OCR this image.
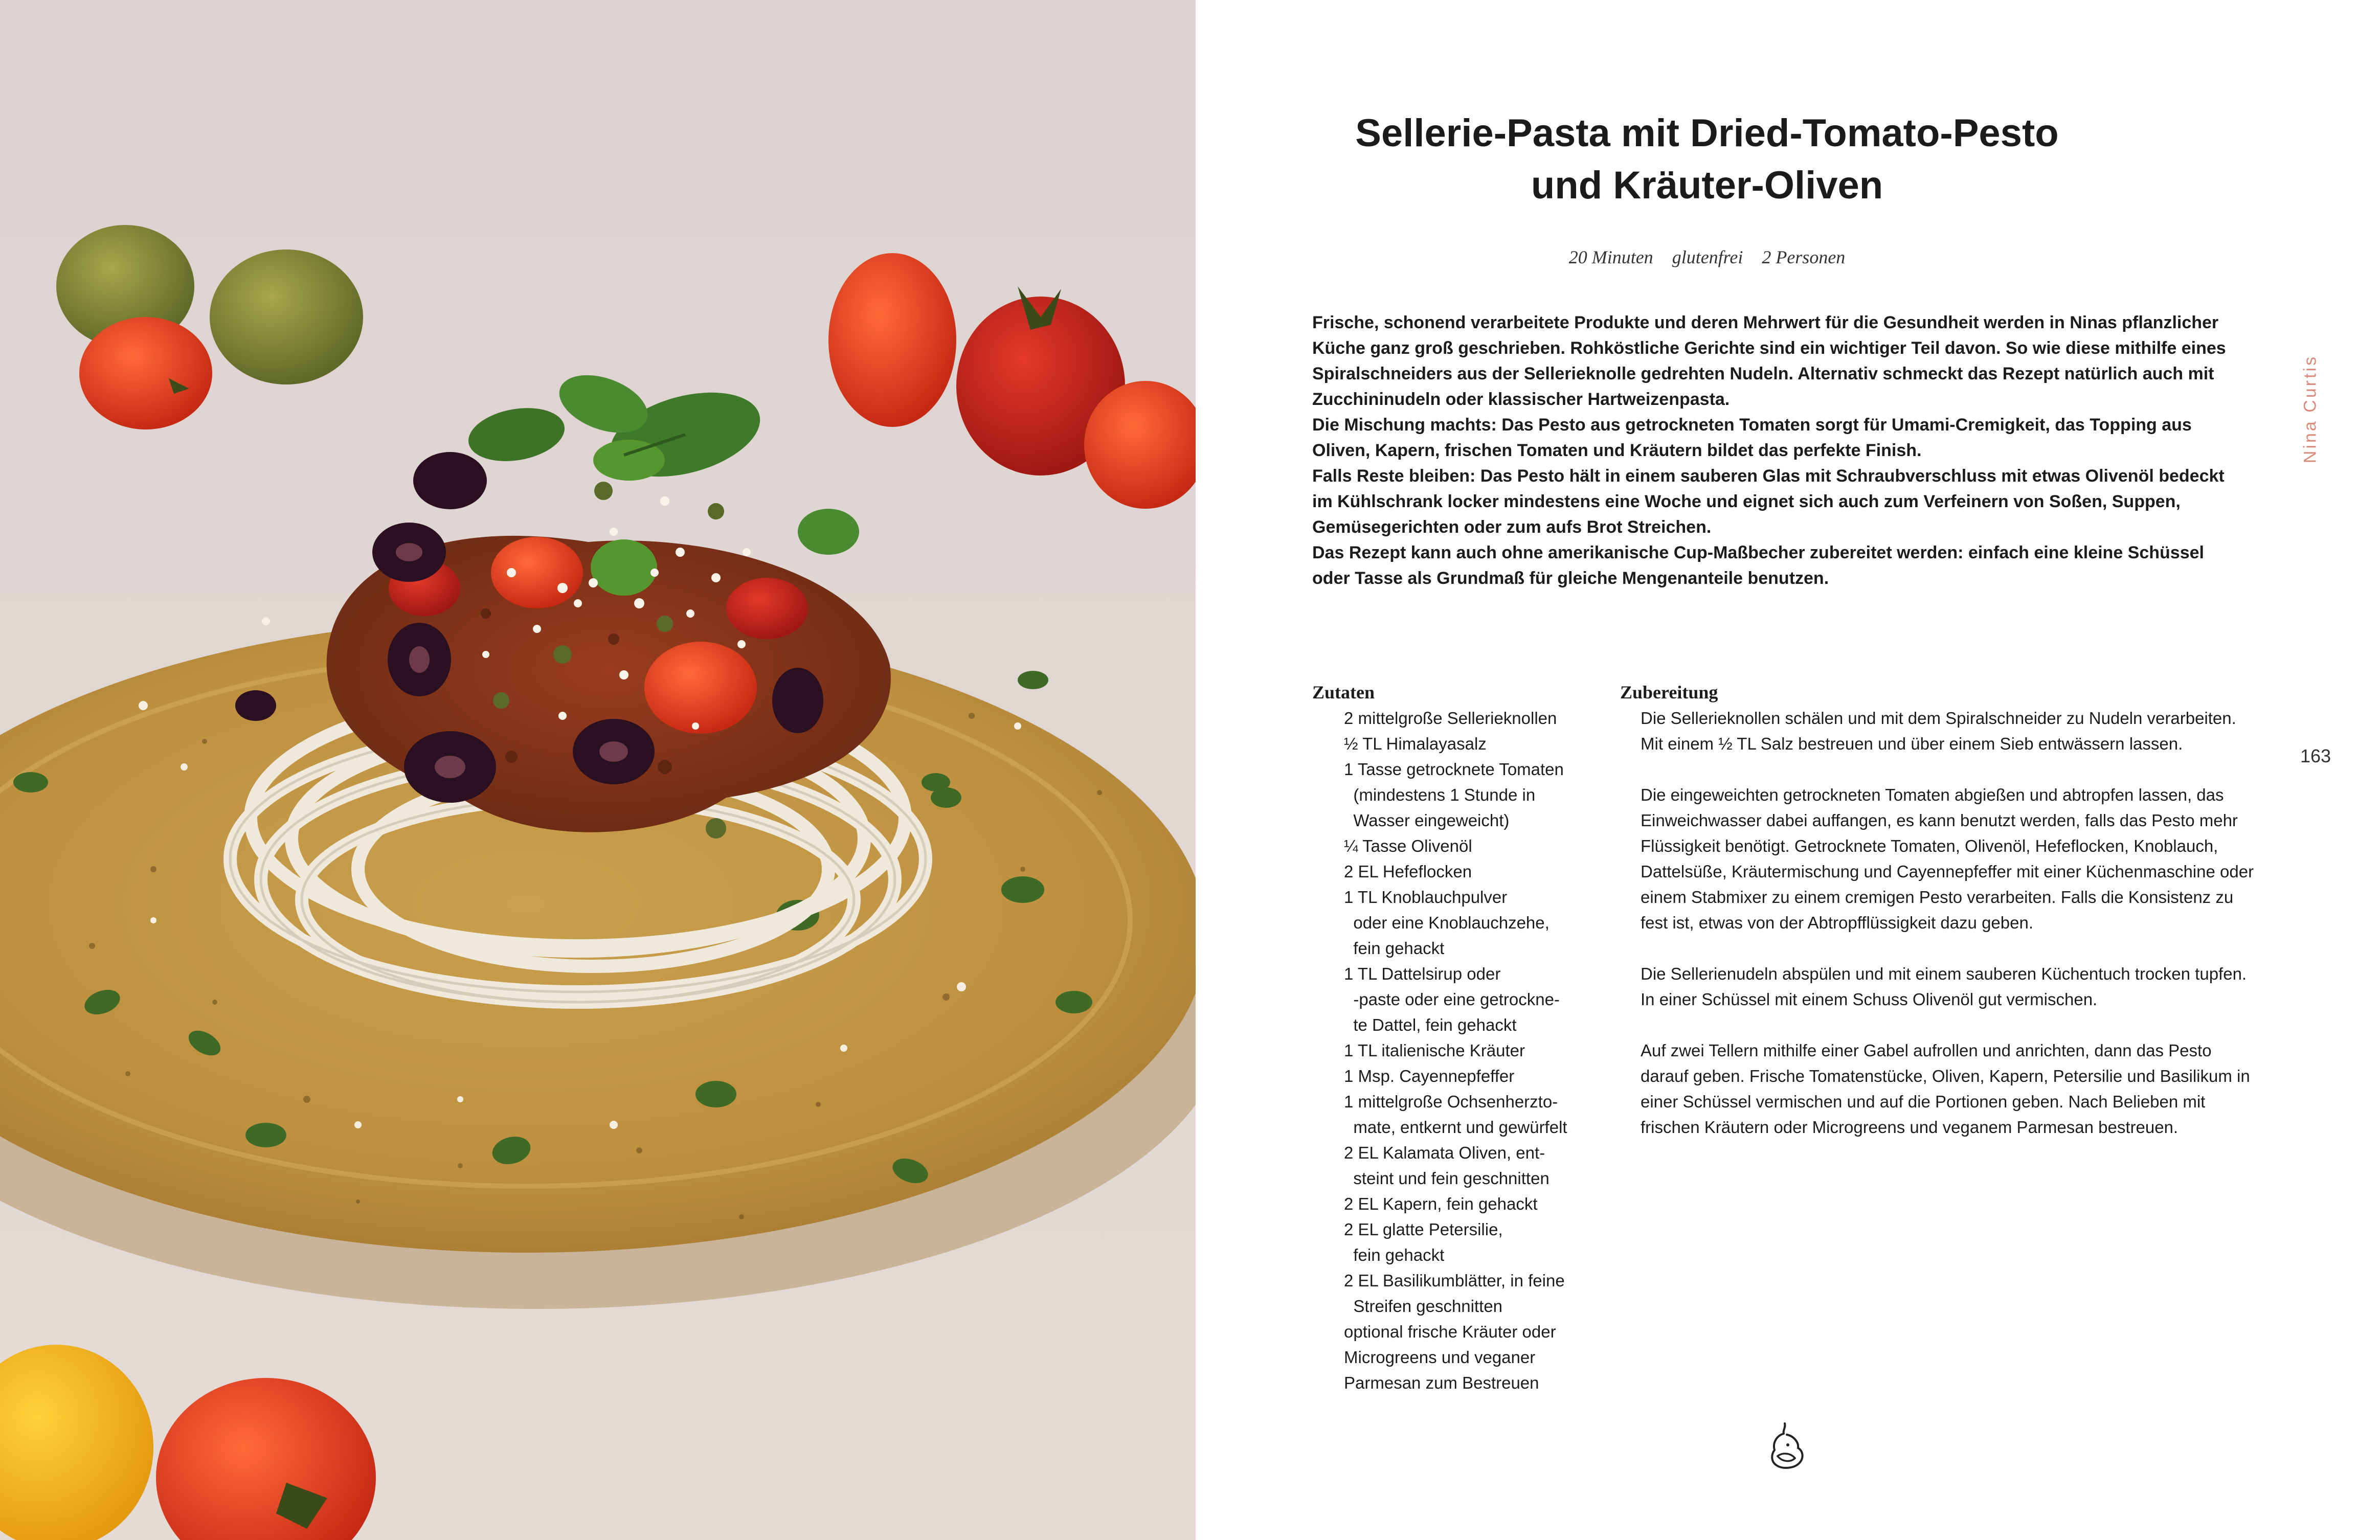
Sellerie-Pasta mit Dried-Tomato-Pesto
und Kräuter-Oliven
20 Minuten glutenfrei 2 Personen

Frische, schonend verarbeitete Produkte und deren Mehrwert für die Gesundheit werden in Ninas pflanzlicher Küche ganz groß geschrieben. Rohköstliche Gerichte sind ein wichtiger Teil davon. So wie diese mithilfe eines Spiralschneiders aus der Sellerieknolle gedrehten Nudeln. Alternativ schmeckt das Rezept natürlich auch mit Zucchininudeln oder klassischer Hartweizenpasta.

Die Mischung machts: Das Pesto aus getrockneten Tomaten sorgt für Umami-Cremigkeit, das Topping aus Oliven, Kapern, frischen Tomaten und Kräutern bildet das perfekte Finish.

Falls Reste bleiben: Das Pesto hält in einem sauberen Glas mit Schraubverschluss mit etwas Olivenöl bedeckt im Kühlschrank locker mindestens eine Woche und eignet sich auch zum Verfeinern von Soßen, Suppen, Gemüsegerichten oder zum aufs Brot Streichen.

Das Rezept kann auch ohne amerikanische Cup-Maßbecher zubereitet werden: einfach eine kleine Schüssel oder Tasse als Grundmaß für gleiche Mengenanteile benutzen.

Nina Curtis
163
Zutaten
2 mittelgroße Sellerieknollen
½ TL Himalayasalz
1 Tasse getrocknete Tomaten
(mindestens 1 Stunde in
Wasser eingeweicht)
¼ Tasse Olivenöl
2 EL Hefeflocken
1 TL Knoblauchpulver
oder eine Knoblauchzehe,
fein gehackt
1 TL Dattelsirup oder
-paste oder eine getrockne-
te Dattel, fein gehackt
1 TL italienische Kräuter
1 Msp. Cayennepfeffer
1 mittelgroße Ochsenherzto-
mate, entkernt und gewürfelt
2 EL Kalamata Oliven, ent-
steint und fein geschnitten
2 EL Kapern, fein gehackt
2 EL glatte Petersilie,
fein gehackt
2 EL Basilikumblätter, in feine
Streifen geschnitten
optional frische Kräuter oder
Microgreens und veganer
Parmesan zum Bestreuen
Zubereitung

Die Sellerieknollen schälen und mit dem Spiralschneider zu Nudeln verarbeiten. Mit einem ½ TL Salz bestreuen und über einem Sieb entwässern lassen.

Die eingeweichten getrockneten Tomaten abgießen und abtropfen lassen, das Einweichwasser dabei auffangen, es kann benutzt werden, falls das Pesto mehr Flüssigkeit benötigt. Getrocknete Tomaten, Olivenöl, Hefeflocken, Knoblauch, Dattelsüße, Kräutermischung und Cayennepfeffer mit einer Küchenmaschine oder einem Stabmixer zu einem cremigen Pesto verarbeiten. Falls die Konsistenz zu fest ist, etwas von der Abtropfflüssigkeit dazu geben.

Die Sellerienudeln abspülen und mit einem sauberen Küchentuch trocken tupfen. In einer Schüssel mit einem Schuss Olivenöl gut vermischen.

Auf zwei Tellern mithilfe einer Gabel aufrollen und anrichten, dann das Pesto darauf geben. Frische Tomatenstücke, Oliven, Kapern, Petersilie und Basilikum in einer Schüssel vermischen und auf die Portionen geben. Nach Belieben mit frischen Kräutern oder Microgreens und veganem Parmesan bestreuen.
